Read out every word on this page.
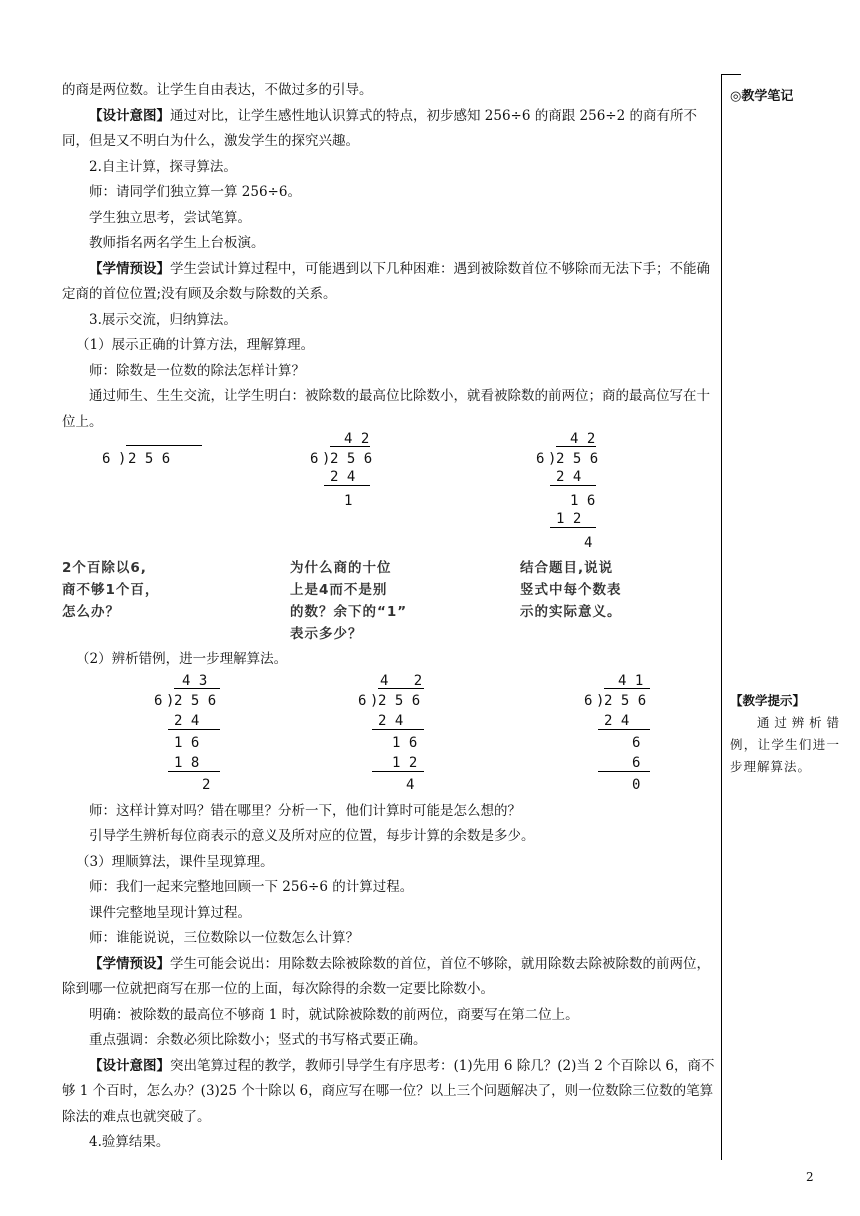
的商是两位数。让学生自由表达，不做过多的引导。

【设计意图】通过对比，让学生感性地认识算式的特点，初步感知 256÷6 的商跟 256÷2 的商有所不同，但是又不明白为什么，激发学生的探究兴趣。

2.自主计算，探寻算法。

师：请同学们独立算一算 256÷6。

学生独立思考，尝试笔算。

教师指名两名学生上台板演。

【学情预设】学生尝试计算过程中，可能遇到以下几种困难：遇到被除数首位不够除而无法下手；不能确定商的首位位置;没有顾及余数与除数的关系。

3.展示交流，归纳算法。

（1）展示正确的计算方法，理解算理。

师：除数是一位数的除法怎样计算？

通过师生、生生交流，让学生明白：被除数的最高位比除数小，就看被除数的前两位；商的最高位写在十位上。

6 ) 2 5 6
4 2
6 ) 2 5 6
2 4
1
4 2
6 ) 2 5 6
2 4
1 6
1 2
4
2个百除以6,
商不够1个百，
怎么办？
为什么商的十位
上是4而不是别
的数？余下的“1”
表示多少？
结合题目,说说
竖式中每个数表
示的实际意义。

（2）辨析错例，进一步理解算法。

4 3
6 ) 2 5 6
2 4
1 6
1 8
2
4   2
6 ) 2 5 6
2 4
1 6
1 2
4
4 1
6 ) 2 5 6
2 4
6
6
0

师：这样计算对吗？错在哪里？分析一下，他们计算时可能是怎么想的？

引导学生辨析每位商表示的意义及所对应的位置，每步计算的余数是多少。

（3）理顺算法，课件呈现算理。

师：我们一起来完整地回顾一下 256÷6 的计算过程。

课件完整地呈现计算过程。

师：谁能说说，三位数除以一位数怎么计算？

【学情预设】学生可能会说出：用除数去除被除数的首位，首位不够除，就用除数去除被除数的前两位，除到哪一位就把商写在那一位的上面，每次除得的余数一定要比除数小。

明确：被除数的最高位不够商 1 时，就试除被除数的前两位，商要写在第二位上。

重点强调：余数必须比除数小；竖式的书写格式要正确。

【设计意图】突出笔算过程的教学，教师引导学生有序思考：(1)先用 6 除几？(2)当 2 个百除以 6，商不够 1 个百时，怎么办？(3)25 个十除以 6，商应写在哪一位？以上三个问题解决了，则一位数除三位数的笔算除法的难点也就突破了。

4.验算结果。

◎教学笔记
【教学提示】
通过辨析错例，让学生们进一步理解算法。
2
